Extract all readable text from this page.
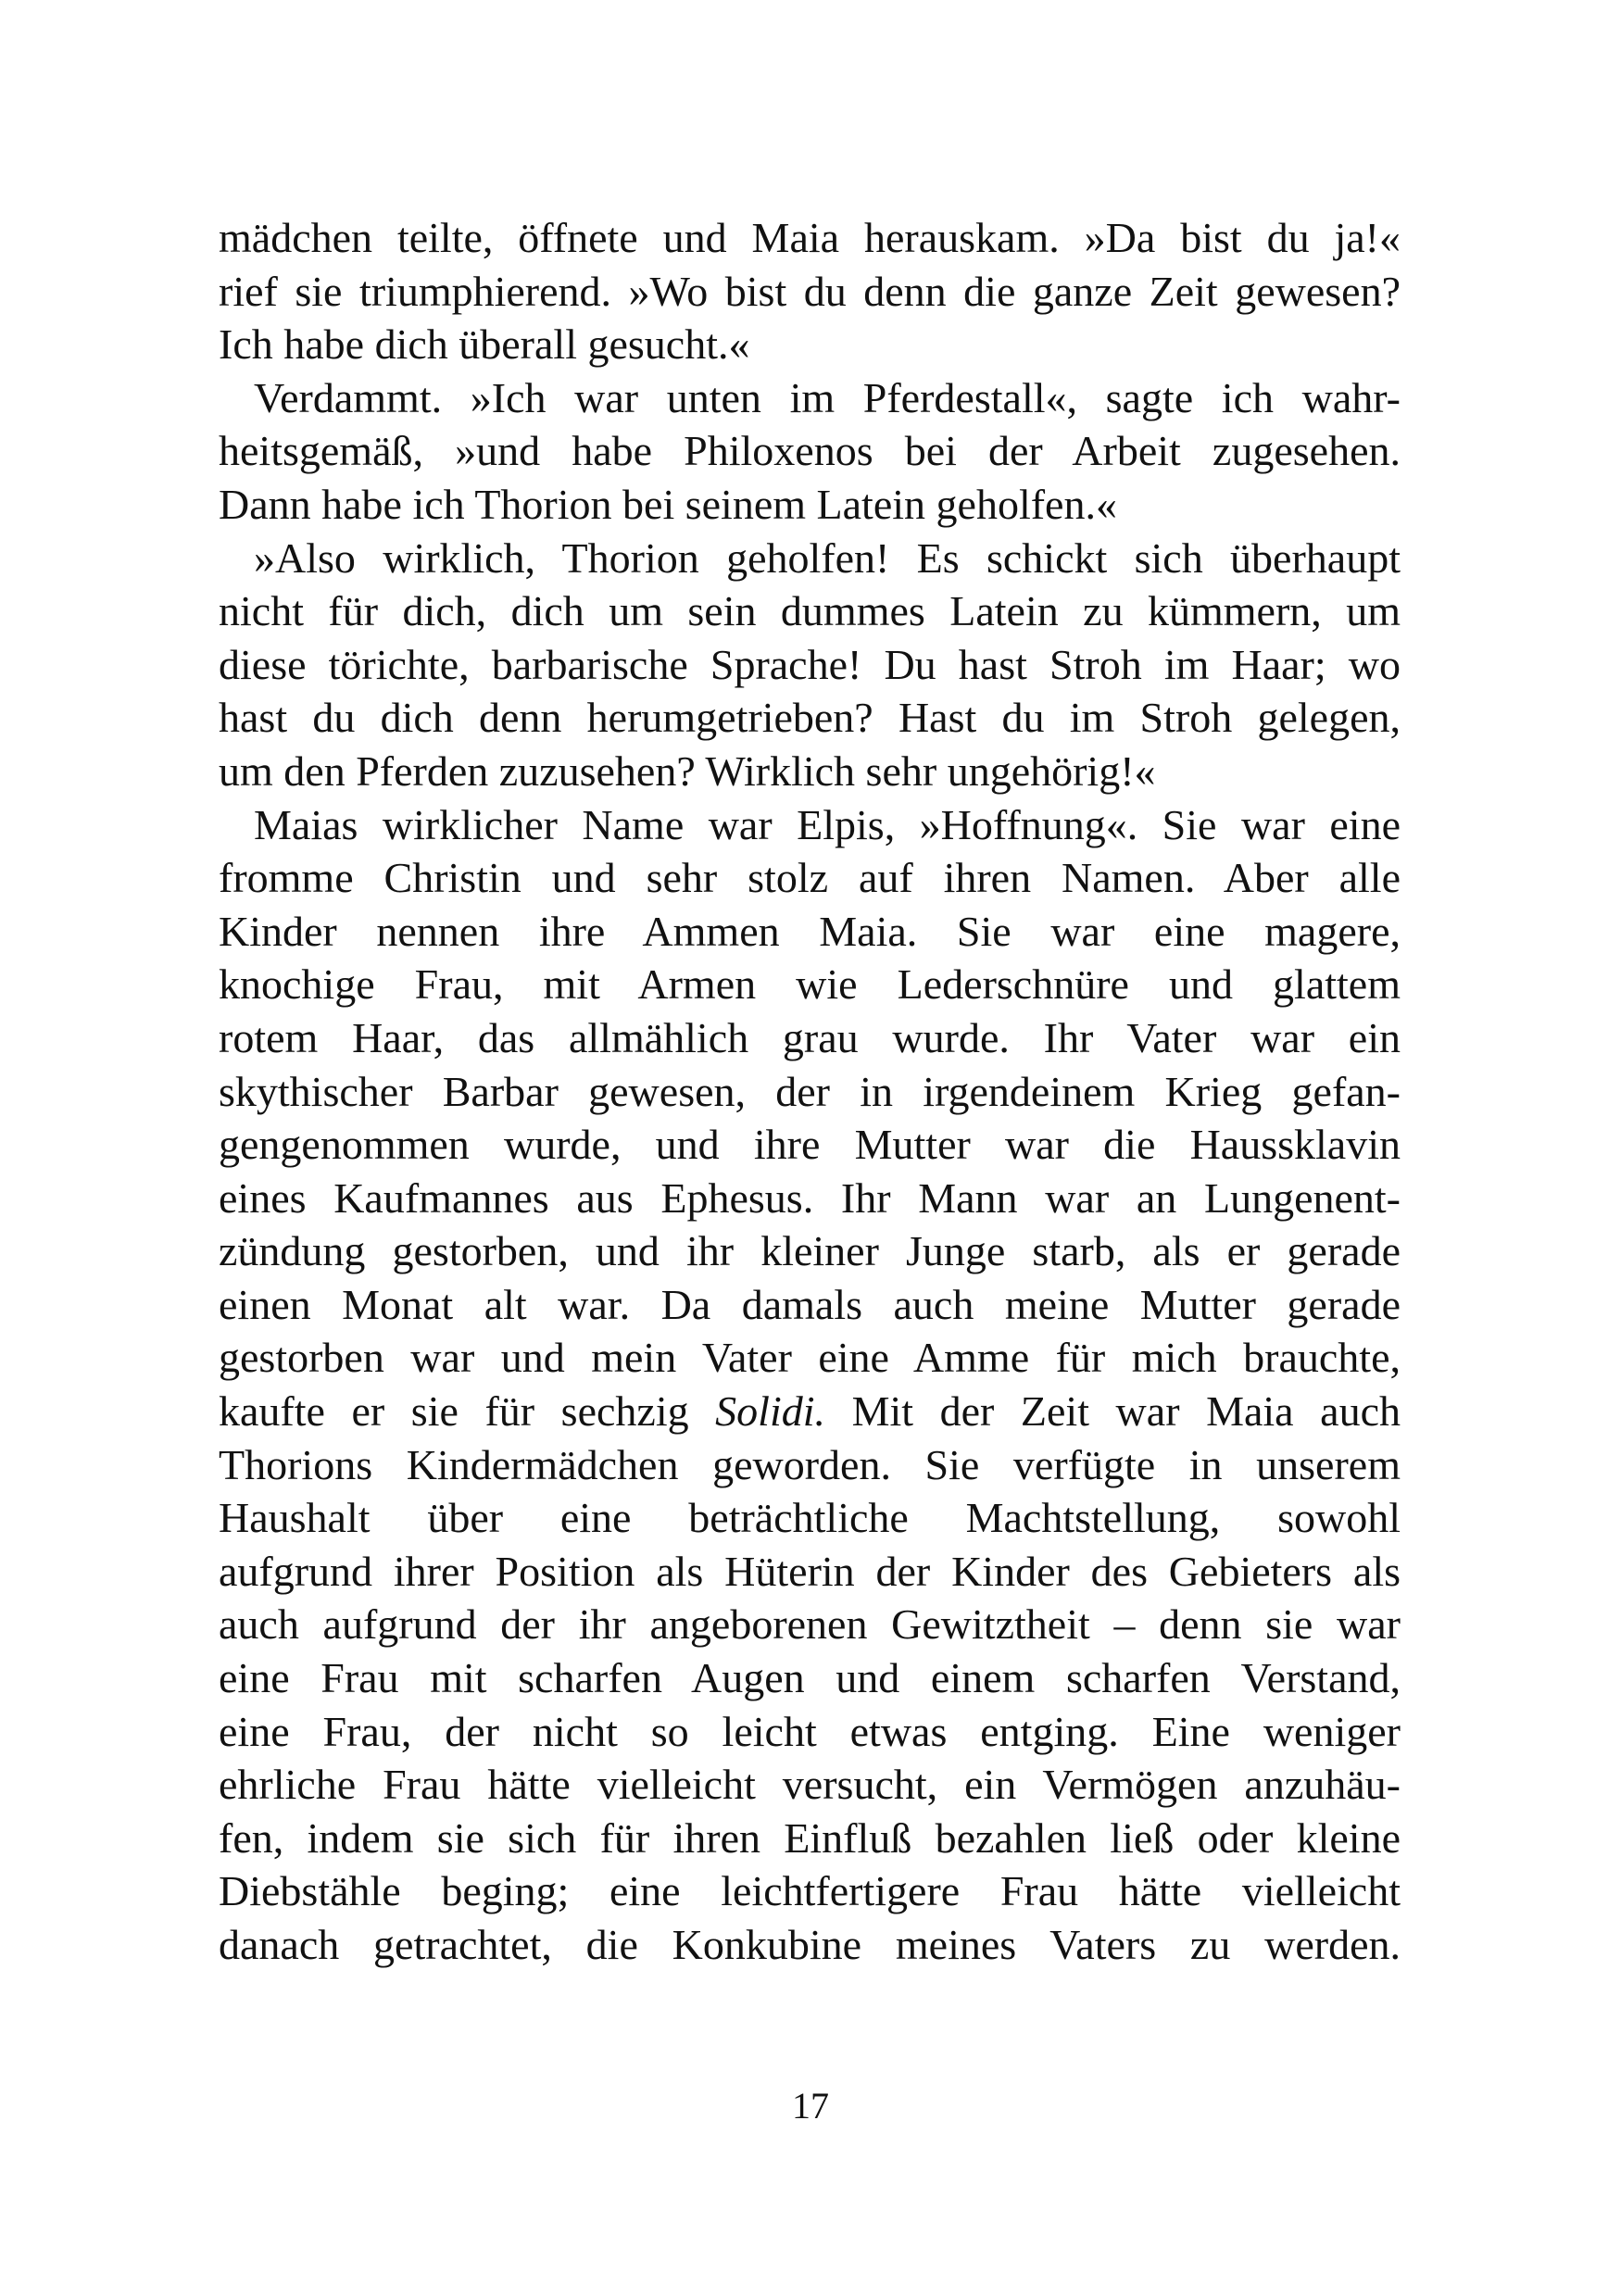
mädchen teilte, öffnete und Maia herauskam. »Da bist du ja!«
rief sie triumphierend. »Wo bist du denn die ganze Zeit gewesen?
Ich habe dich überall gesucht.«
Verdammt. »Ich war unten im Pferdestall«, sagte ich wahr-
heitsgemäß, »und habe Philoxenos bei der Arbeit zugesehen.
Dann habe ich Thorion bei seinem Latein geholfen.«
»Also wirklich, Thorion geholfen! Es schickt sich überhaupt
nicht für dich, dich um sein dummes Latein zu kümmern, um
diese törichte, barbarische Sprache! Du hast Stroh im Haar; wo
hast du dich denn herumgetrieben? Hast du im Stroh gelegen,
um den Pferden zuzusehen? Wirklich sehr ungehörig!«
Maias wirklicher Name war Elpis, »Hoffnung«. Sie war eine
fromme Christin und sehr stolz auf ihren Namen. Aber alle
Kinder nennen ihre Ammen Maia. Sie war eine magere,
knochige Frau, mit Armen wie Lederschnüre und glattem
rotem Haar, das allmählich grau wurde. Ihr Vater war ein
skythischer Barbar gewesen, der in irgendeinem Krieg gefan-
gengenommen wurde, und ihre Mutter war die Haussklavin
eines Kaufmannes aus Ephesus. Ihr Mann war an Lungenent-
zündung gestorben, und ihr kleiner Junge starb, als er gerade
einen Monat alt war. Da damals auch meine Mutter gerade
gestorben war und mein Vater eine Amme für mich brauchte,
kaufte er sie für sechzig Solidi. Mit der Zeit war Maia auch
Thorions Kindermädchen geworden. Sie verfügte in unserem
Haushalt über eine beträchtliche Machtstellung, sowohl
aufgrund ihrer Position als Hüterin der Kinder des Gebieters als
auch aufgrund der ihr angeborenen Gewitztheit – denn sie war
eine Frau mit scharfen Augen und einem scharfen Verstand,
eine Frau, der nicht so leicht etwas entging. Eine weniger
ehrliche Frau hätte vielleicht versucht, ein Vermögen anzuhäu-
fen, indem sie sich für ihren Einfluß bezahlen ließ oder kleine
Diebstähle beging; eine leichtfertigere Frau hätte vielleicht
danach getrachtet, die Konkubine meines Vaters zu werden.
17
